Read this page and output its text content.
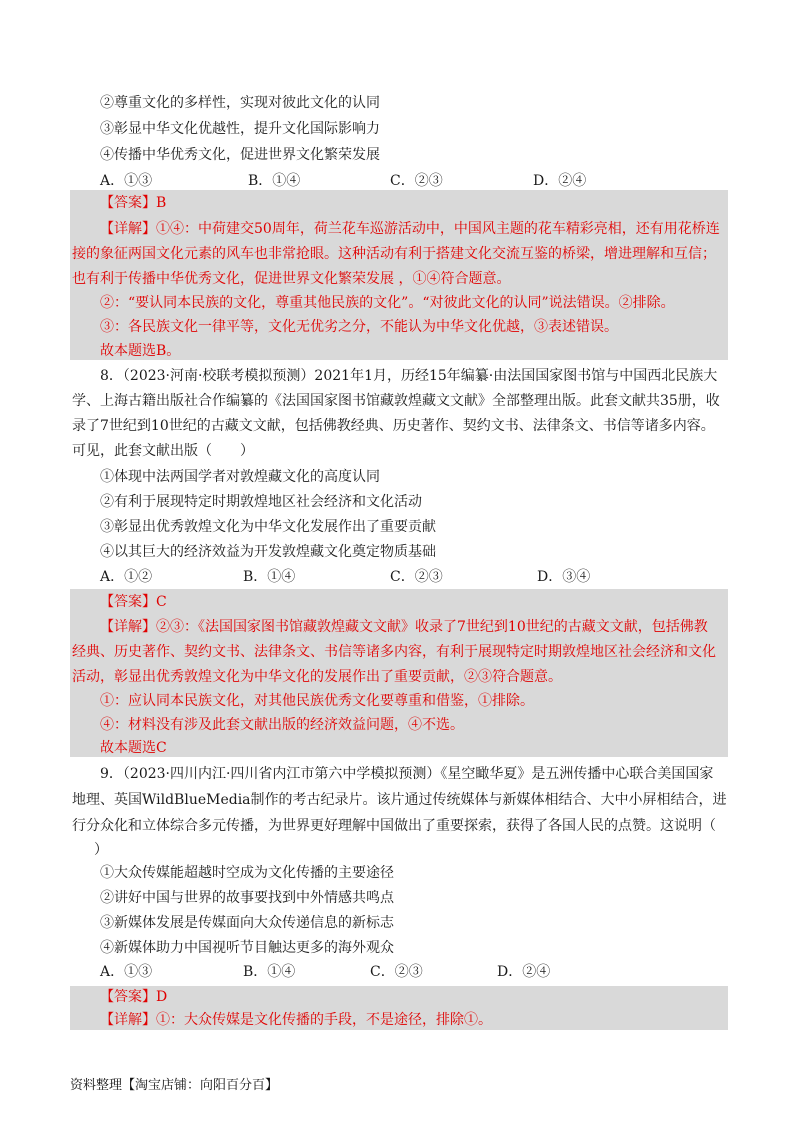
②尊重文化的多样性，实现对彼此文化的认同
③彰显中华文化优越性，提升文化国际影响力
④传播中华优秀文化，促进世界文化繁荣发展
A．①③	B．①④	C．②③	D．②④
【答案】B
【详解】①④：中荷建交50周年，荷兰花车巡游活动中，中国风主题的花车精彩亮相，还有用花桥连
接的象征两国文化元素的风车也非常抢眼。这种活动有利于搭建文化交流互鉴的桥梁，增进理解和互信；
也有利于传播中华优秀文化，促进世界文化繁荣发展 ，①④符合题意。
②：“要认同本民族的文化，尊重其他民族的文化”。“对彼此文化的认同”说法错误。②排除。
③：各民族文化一律平等，文化无优劣之分，不能认为中华文化优越，③表述错误。
故本题选B。
8．（2023·河南·校联考模拟预测）2021年1月，历经15年编纂·由法国国家图书馆与中国西北民族大
学、上海古籍出版社合作编纂的《法国国家图书馆藏敦煌藏文文献》全部整理出版。此套文献共35册，收
录了7世纪到10世纪的古藏文文献，包括佛教经典、历史著作、契约文书、法律条文、书信等诸多内容。
可见，此套文献出版（　　）
①体现中法两国学者对敦煌藏文化的高度认同
②有利于展现特定时期敦煌地区社会经济和文化活动
③彰显出优秀敦煌文化为中华文化发展作出了重要贡献
④以其巨大的经济效益为开发敦煌藏文化奠定物质基础
A．①②	B．①④	C．②③	D．③④
【答案】C
【详解】②③：《法国国家图书馆藏敦煌藏文文献》收录了7世纪到10世纪的古藏文文献，包括佛教
经典、历史著作、契约文书、法律条文、书信等诸多内容，有利于展现特定时期敦煌地区社会经济和文化
活动，彰显出优秀敦煌文化为中华文化的发展作出了重要贡献，②③符合题意。
①：应认同本民族文化，对其他民族优秀文化要尊重和借鉴，①排除。
④：材料没有涉及此套文献出版的经济效益问题，④不选。
故本题选C
9．（2023·四川内江·四川省内江市第六中学模拟预测）《星空瞰华夏》是五洲传播中心联合美国国家
地理、英国WildBlueMedia制作的考古纪录片。该片通过传统媒体与新媒体相结合、大中小屏相结合，进
行分众化和立体综合多元传播，为世界更好理解中国做出了重要探索，获得了各国人民的点赞。这说明（
）
①大众传媒能超越时空成为文化传播的主要途径
②讲好中国与世界的故事要找到中外情感共鸣点
③新媒体发展是传媒面向大众传递信息的新标志
④新媒体助力中国视听节目触达更多的海外观众
A．①③	B．①④	C．②③	D．②④
【答案】D
【详解】①：大众传媒是文化传播的手段，不是途径，排除①。
资料整理【淘宝店铺：向阳百分百】
